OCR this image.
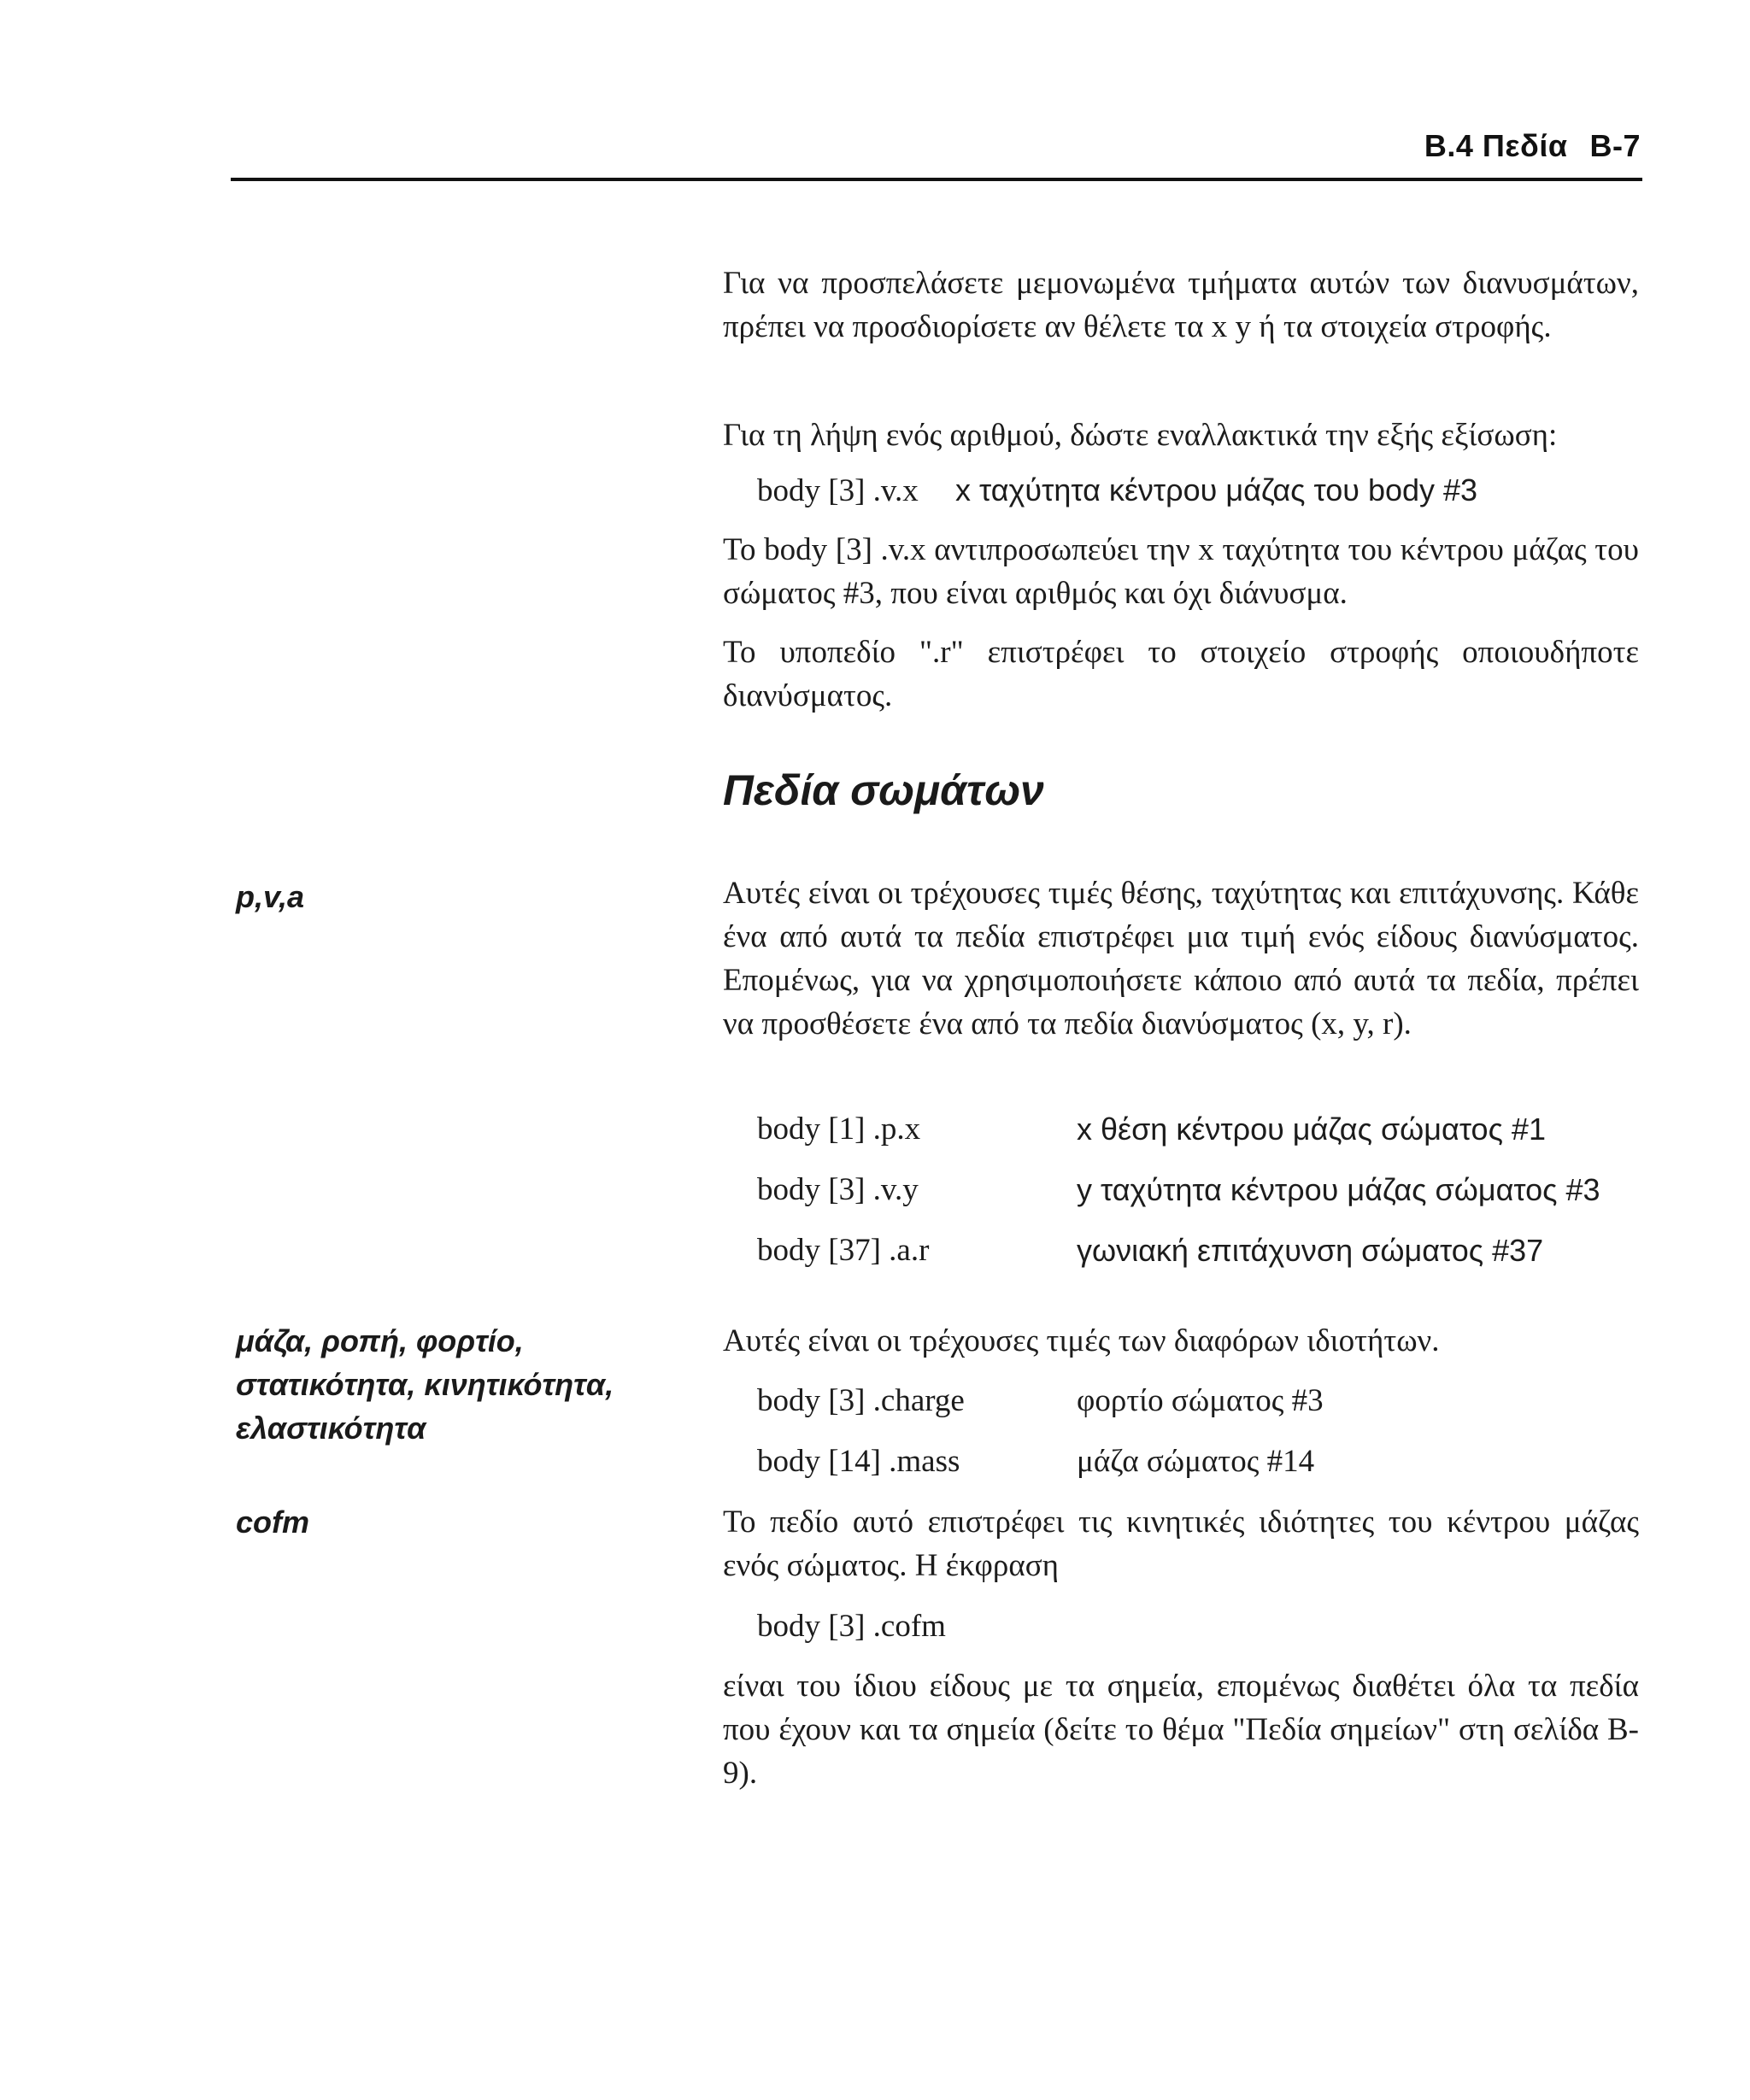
B.4 Πεδία B-7
Για να προσπελάσετε μεμονωμένα τμήματα αυτών των διανυσμάτων, πρέπει να προσδιορίσετε αν θέλετε τα x y ή τα στοιχεία στροφής.
Για τη λήψη ενός αριθμού, δώστε εναλλακτικά την εξής εξίσωση:
body [3] .v.x x ταχύτητα κέντρου μάζας του body #3
Το body [3] .v.x αντιπροσωπεύει την x ταχύτητα του κέντρου μάζας του σώματος #3, που είναι αριθμός και όχι διάνυσμα.
Το υποπεδίο ".r" επιστρέφει το στοιχείο στροφής οποιουδήποτε διανύσματος.
Πεδία σωμάτων
p,v,a	Αυτές είναι οι τρέχουσες τιμές θέσης, ταχύτητας και επιτάχυνσης. Κάθε ένα από αυτά τα πεδία επιστρέφει μια τιμή ενός είδους διανύσματος. Επομένως, για να χρησιμοποιήσετε κάποιο από αυτά τα πεδία, πρέπει να προσθέσετε ένα από τα πεδία διανύσματος (x, y, r).
body [1] .p.x	x θέση κέντρου μάζας σώματος #1
body [3] .v.y	y ταχύτητα κέντρου μάζας σώματος #3
body [37] .a.r	γωνιακή επιτάχυνση σώματος #37
μάζα, ροπή, φορτίο,
στατικότητα, κινητικότητα,
ελαστικότητα
Αυτές είναι οι τρέχουσες τιμές των διαφόρων ιδιοτήτων.
body [3] .charge	φορτίο σώματος #3
body [14] .mass	μάζα σώματος #14
cofm	Το πεδίο αυτό επιστρέφει τις κινητικές ιδιότητες του κέντρου μάζας ενός σώματος. Η έκφραση
body [3] .cofm
είναι του ίδιου είδους με τα σημεία, επομένως διαθέτει όλα τα πεδία που έχουν και τα σημεία (δείτε το θέμα "Πεδία σημείων" στη σελίδα B-9).
